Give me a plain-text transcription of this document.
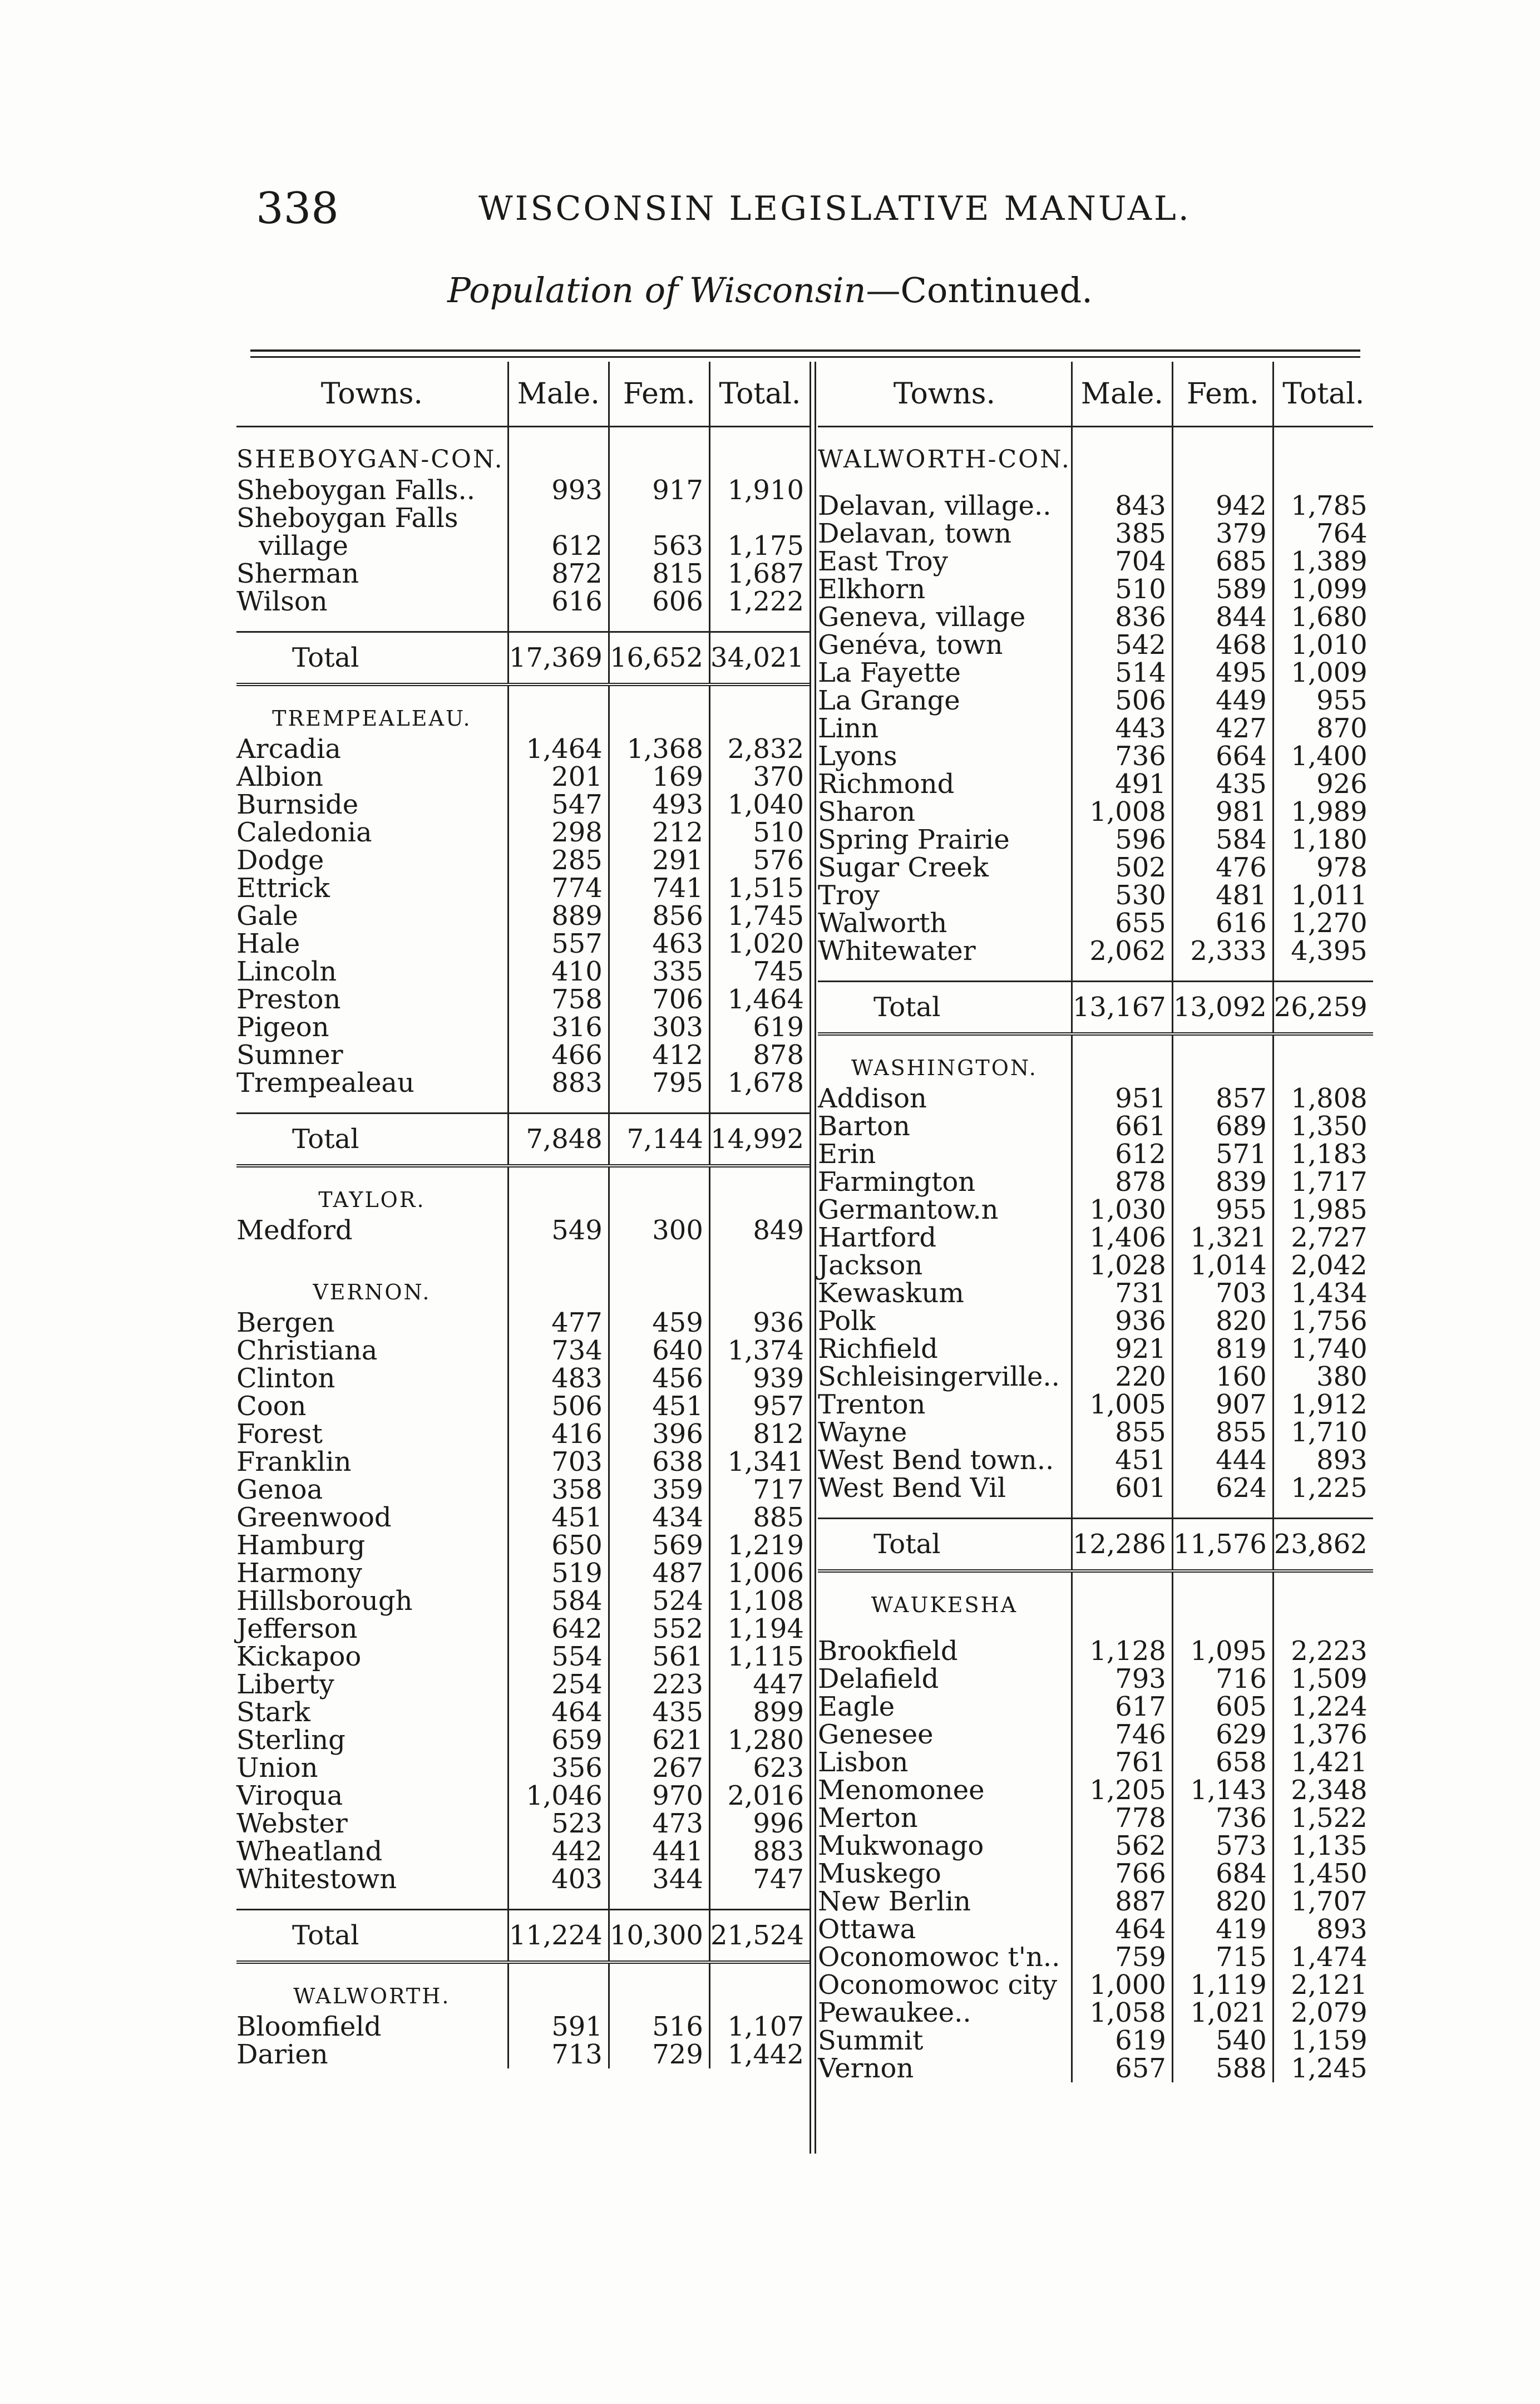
338	WISCONSIN LEGISLATIVE MANUAL.
Population of Wisconsin—Continued.
Towns.	Male.	Fem.	Total.
SHEBOYGAN-CON.			
Sheboygan Falls..	993	917	1,910
Sheboygan Falls			
village	612	563	1,175
Sherman	872	815	1,687
Wilson	616	606	1,222

Total	17,369	16,652	34,021
TREMPEALEAU.			
Arcadia	1,464	1,368	2,832
Albion	201	169	370
Burnside	547	493	1,040
Caledonia	298	212	510
Dodge	285	291	576
Ettrick	774	741	1,515
Gale	889	856	1,745
Hale	557	463	1,020
Lincoln	410	335	745
Preston	758	706	1,464
Pigeon	316	303	619
Sumner	466	412	878
Trempealeau	883	795	1,678

Total	7,848	7,144	14,992
TAYLOR.			
Medford	549	300	849

VERNON.			
Bergen	477	459	936
Christiana	734	640	1,374
Clinton	483	456	939
Coon	506	451	957
Forest	416	396	812
Franklin	703	638	1,341
Genoa	358	359	717
Greenwood	451	434	885
Hamburg	650	569	1,219
Harmony	519	487	1,006
Hillsborough	584	524	1,108
Jefferson	642	552	1,194
Kickapoo	554	561	1,115
Liberty	254	223	447
Stark	464	435	899
Sterling	659	621	1,280
Union	356	267	623
Viroqua	1,046	970	2,016
Webster	523	473	996
Wheatland	442	441	883
Whitestown	403	344	747

Total	11,224	10,300	21,524
WALWORTH.			
Bloomfield	591	516	1,107
Darien	713	729	1,442
Towns.	Male.	Fem.	Total.
WALWORTH-CON.			

Delavan, village..	843	942	1,785
Delavan, town	385	379	764
East Troy	704	685	1,389
Elkhorn	510	589	1,099
Geneva, village	836	844	1,680
Genéva, town	542	468	1,010
La Fayette	514	495	1,009
La Grange	506	449	955
Linn	443	427	870
Lyons	736	664	1,400
Richmond	491	435	926
Sharon	1,008	981	1,989
Spring Prairie	596	584	1,180
Sugar Creek	502	476	978
Troy	530	481	1,011
Walworth	655	616	1,270
Whitewater	2,062	2,333	4,395

Total	13,167	13,092	26,259
WASHINGTON.			
Addison	951	857	1,808
Barton	661	689	1,350
Erin	612	571	1,183
Farmington	878	839	1,717
Germantow.n	1,030	955	1,985
Hartford	1,406	1,321	2,727
Jackson	1,028	1,014	2,042
Kewaskum	731	703	1,434
Polk	936	820	1,756
Richfield	921	819	1,740
Schleisingerville..	220	160	380
Trenton	1,005	907	1,912
Wayne	855	855	1,710
West Bend town..	451	444	893
West Bend Vil	601	624	1,225

Total	12,286	11,576	23,862
WAUKESHA			

Brookfield	1,128	1,095	2,223
Delafield	793	716	1,509
Eagle	617	605	1,224
Genesee	746	629	1,376
Lisbon	761	658	1,421
Menomonee	1,205	1,143	2,348
Merton	778	736	1,522
Mukwonago	562	573	1,135
Muskego	766	684	1,450
New Berlin	887	820	1,707
Ottawa	464	419	893
Oconomowoc t'n..	759	715	1,474
Oconomowoc city	1,000	1,119	2,121
Pewaukee..	1,058	1,021	2,079
Summit	619	540	1,159
Vernon	657	588	1,245
